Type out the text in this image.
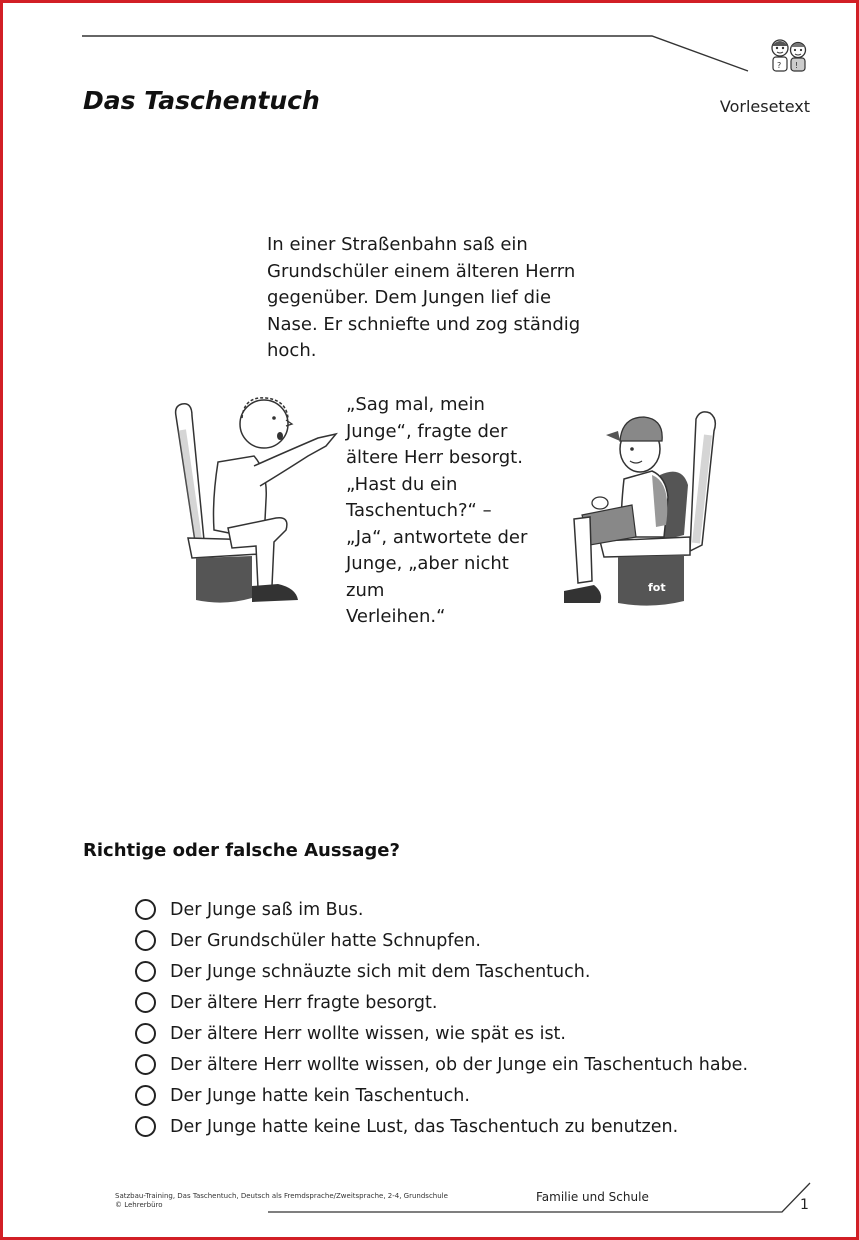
? !
Das Taschentuch	Vorlesetext

In einer Straßenbahn saß ein

Grundschüler einem älteren Herrn

gegenüber. Dem Jungen lief die

Nase. Er schniefte und zog ständig

hoch.

„Sag mal, mein

Junge“, fragte der

ältere Herr besorgt.

„Hast du ein

Taschentuch?“ –

„Ja“, antwortete der

Junge, „aber nicht

zum

Verleihen.“

fot
Richtige oder falsche Aussage?
Der Junge saß im Bus.
Der Grundschüler hatte Schnupfen.
Der Junge schnäuzte sich mit dem Taschentuch.
Der ältere Herr fragte besorgt.
Der ältere Herr wollte wissen, wie spät es ist.
Der ältere Herr wollte wissen, ob der Junge ein Taschentuch habe.
Der Junge hatte kein Taschentuch.
Der Junge hatte keine Lust, das Taschentuch zu benutzen.
Satzbau-Training, Das Taschentuch, Deutsch als Fremdsprache/Zweitsprache, 2-4, Grundschule
© Lehrerbüro
Familie und Schule	1
